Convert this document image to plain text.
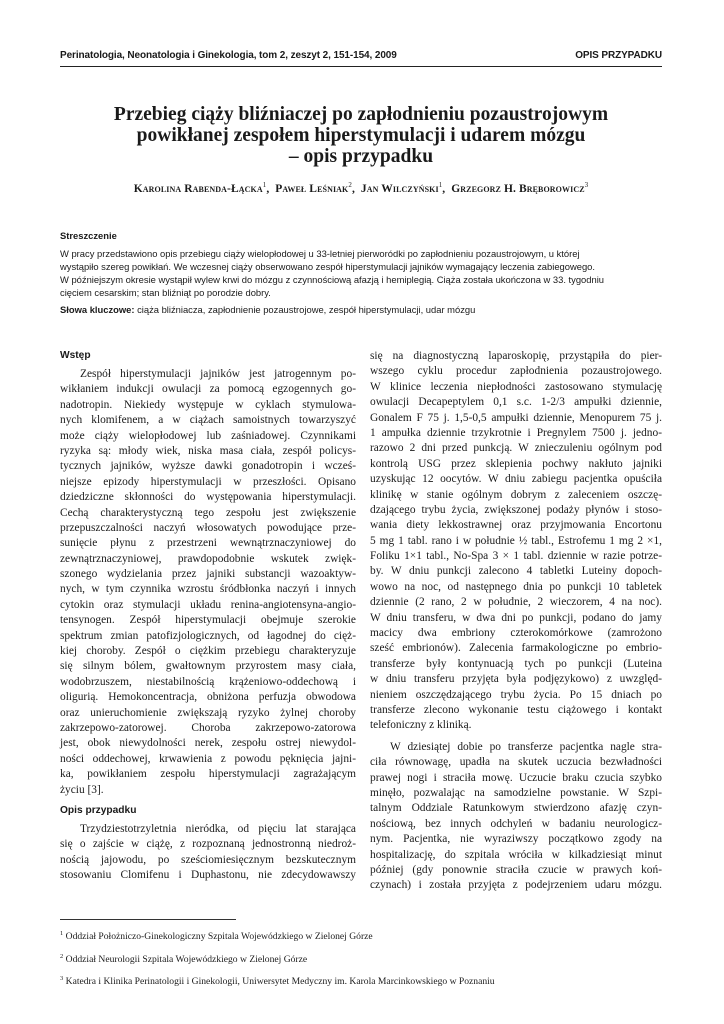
Perinatologia, Neonatologia i Ginekologia, tom 2, zeszyt 2, 151-154, 2009	OPIS PRZYPADKU
Przebieg ciąży bliźniaczej po zapłodnieniu pozaustrojowym
powikłanej zespołem hiperstymulacji i udarem mózgu
– opis przypadku
Karolina Rabenda-Łącka$^1$,  Paweł Leśniak$^2$,  Jan Wilczyński$^1$,  Grzegorz H. Bręborowicz$^3$
Streszczenie
W pracy przedstawiono opis przebiegu ciąży wielopłodowej u 33-letniej pierworódki po zapłodnieniu pozaustrojowym, u której
wystąpiło szereg powikłań. We wczesnej ciąży obserwowano zespół hiperstymulacji jajników wymagający leczenia zabiegowego.
W późniejszym okresie wystąpił wylew krwi do mózgu z czynnościową afazją i hemiplegią. Ciąża została ukończona w 33. tygodniu
cięciem cesarskim; stan bliźniąt po porodzie dobry.
Słowa kluczowe: ciąża bliźniacza, zapłodnienie pozaustrojowe, zespół hiperstymulacji, udar mózgu
Wstęp
Zespół hiperstymulacji jajników jest jatrogennym po-
wikłaniem indukcji owulacji za pomocą egzogennych go-
nadotropin. Niekiedy występuje w cyklach stymulowa-
nych klomifenem, a w ciążach samoistnych towarzyszyć
może ciąży wielopłodowej lub zaśniadowej. Czynnikami
ryzyka są: młody wiek, niska masa ciała, zespół policys-
tycznych jajników, wyższe dawki gonadotropin i wcześ-
niejsze epizody hiperstymulacji w przeszłości. Opisano
dziedziczne skłonności do występowania hiperstymulacji.
Cechą charakterystyczną tego zespołu jest zwiększenie
przepuszczalności naczyń włosowatych powodujące prze-
sunięcie płynu z przestrzeni wewnątrznaczyniowej do
zewnątrznaczyniowej, prawdopodobnie wskutek zwięk-
szonego wydzielania przez jajniki substancji wazoaktyw-
nych, w tym czynnika wzrostu śródbłonka naczyń i innych
cytokin oraz stymulacji układu renina-angiotensyna-angio-
tensynogen. Zespół hiperstymulacji obejmuje szerokie
spektrum zmian patofizjologicznych, od łagodnej do cięż-
kiej choroby. Zespół o ciężkim przebiegu charakteryzuje
się silnym bólem, gwałtownym przyrostem masy ciała,
wodobrzuszem, niestabilnością krążeniowo-oddechową i
oligurią. Hemokoncentracja, obniżona perfuzja obwodowa
oraz unieruchomienie zwiększają ryzyko żylnej choroby
zakrzepowo-zatorowej. Choroba zakrzepowo-zatorowa
jest, obok niewydolności nerek, zespołu ostrej niewydol-
ności oddechowej, krwawienia z powodu pęknięcia jajni-
ka, powikłaniem zespołu hiperstymulacji zagrażającym
życiu [3].
Opis przypadku
Trzydziestotrzyletnia nieródka, od pięciu lat starająca
się o zajście w ciążę, z rozpoznaną jednostronną niedroż-
nością jajowodu, po sześciomiesięcznym bezskutecznym
stosowaniu Clomifenu i Duphastonu, nie zdecydowawszy
się na diagnostyczną laparoskopię, przystąpiła do pier-
wszego cyklu procedur zapłodnienia pozaustrojowego.
W klinice leczenia niepłodności zastosowano stymulację
owulacji Decapeptylem 0,1 s.c. 1-2/3 ampułki dziennie,
Gonalem F 75 j. 1,5-0,5 ampułki dziennie, Menopurem 75 j.
1 ampułka dziennie trzykrotnie i Pregnylem 7500 j. jedno-
razowo 2 dni przed punkcją. W znieczuleniu ogólnym pod
kontrolą USG przez sklepienia pochwy nakłuto jajniki
uzyskując 12 oocytów. W dniu zabiegu pacjentka opuściła
klinikę w stanie ogólnym dobrym z zaleceniem oszczę-
dzającego trybu życia, zwiększonej podaży płynów i stoso-
wania diety lekkostrawnej oraz przyjmowania Encortonu
5 mg 1 tabl. rano i w południe ½ tabl., Estrofemu 1 mg 2 ×1,
Foliku 1×1 tabl., No-Spa 3 × 1 tabl. dziennie w razie potrze-
by. W dniu punkcji zalecono 4 tabletki Luteiny dopoch-
wowo na noc, od następnego dnia po punkcji 10 tabletek
dziennie (2 rano, 2 w południe, 2 wieczorem, 4 na noc).
W dniu transferu, w dwa dni po punkcji, podano do jamy
macicy dwa embriony czterokomórkowe (zamrożono
sześć embrionów). Zalecenia farmakologiczne po embrio-
transferze były kontynuacją tych po punkcji (Luteina
w dniu transferu przyjęta była podjęzykowo) z uwzględ-
nieniem oszczędzającego trybu życia. Po 15 dniach po
transferze zlecono wykonanie testu ciążowego i kontakt
telefoniczny z kliniką.
W dziesiątej dobie po transferze pacjentka nagle stra-
ciła równowagę, upadła na skutek uczucia bezwładności
prawej nogi i straciła mowę. Uczucie braku czucia szybko
minęło, pozwalając na samodzielne powstanie. W Szpi-
talnym Oddziale Ratunkowym stwierdzono afazję czyn-
nościową, bez innych odchyleń w badaniu neurologicz-
nym. Pacjentka, nie wyraziwszy początkowo zgody na
hospitalizację, do szpitala wróciła w kilkadziesiąt minut
później (gdy ponownie straciła czucie w prawych koń-
czynach) i została przyjęta z podejrzeniem udaru mózgu.
$^1$ Oddział Położniczo-Ginekologiczny Szpitala Wojewódzkiego w Zielonej Górze
$^2$ Oddział Neurologii Szpitala Wojewódzkiego w Zielonej Górze
$^3$ Katedra i Klinika Perinatologii i Ginekologii, Uniwersytet Medyczny im. Karola Marcinkowskiego w Poznaniu
